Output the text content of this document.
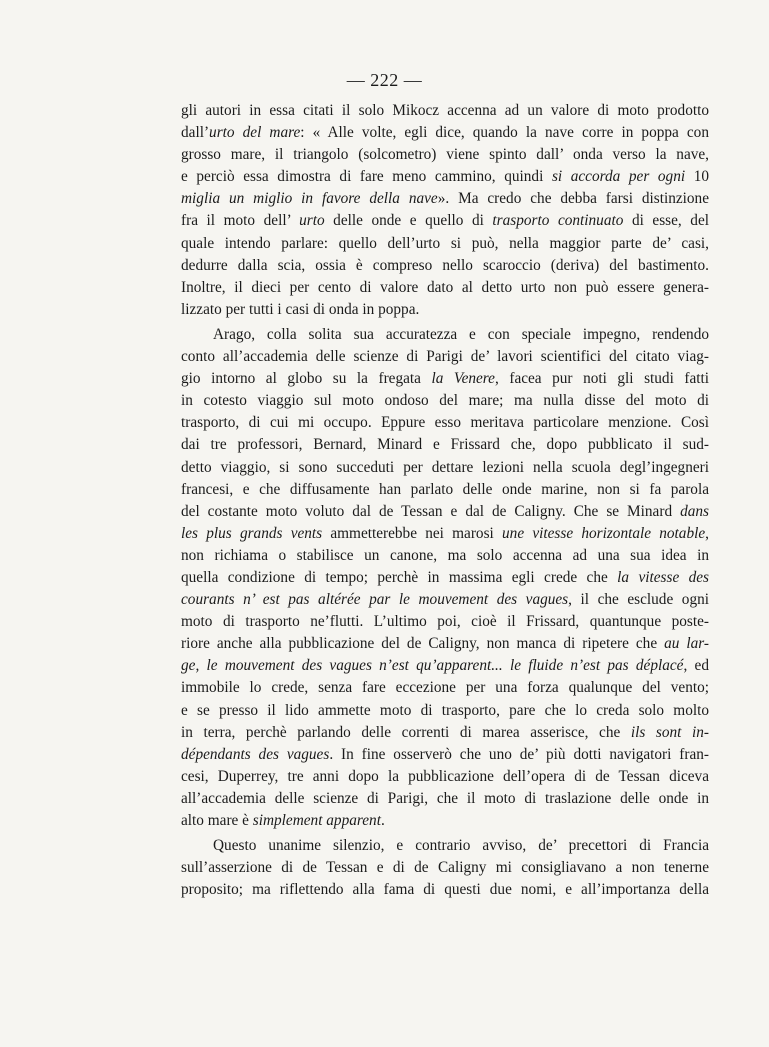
— 222 —
gli autori in essa citati il solo Mikocz accenna ad un valore di moto prodotto
dall’urto del mare: « Alle volte, egli dice, quando la nave corre in poppa con
grosso mare, il triangolo (solcometro) viene spinto dall’ onda verso la nave,
e perciò essa dimostra di fare meno cammino, quindi si accorda per ogni 10
miglia un miglio in favore della nave». Ma credo che debba farsi distinzione
fra il moto dell’ urto delle onde e quello di trasporto continuato di esse, del
quale intendo parlare: quello dell’urto si può, nella maggior parte de’ casi,
dedurre dalla scia, ossia è compreso nello scaroccio (deriva) del bastimento.
Inoltre, il dieci per cento di valore dato al detto urto non può essere genera-
lizzato per tutti i casi di onda in poppa.
Arago, colla solita sua accuratezza e con speciale impegno, rendendo
conto all’accademia delle scienze di Parigi de’ lavori scientifici del citato viag-
gio intorno al globo su la fregata la Venere, facea pur noti gli studi fatti
in cotesto viaggio sul moto ondoso del mare; ma nulla disse del moto di
trasporto, di cui mi occupo. Eppure esso meritava particolare menzione. Così
dai tre professori, Bernard, Minard e Frissard che, dopo pubblicato il sud-
detto viaggio, si sono succeduti per dettare lezioni nella scuola degl’ingegneri
francesi, e che diffusamente han parlato delle onde marine, non si fa parola
del costante moto voluto dal de Tessan e dal de Caligny. Che se Minard dans
les plus grands vents ammetterebbe nei marosi une vitesse horizontale notable,
non richiama o stabilisce un canone, ma solo accenna ad una sua idea in
quella condizione di tempo; perchè in massima egli crede che la vitesse des
courants n’ est pas altérée par le mouvement des vagues, il che esclude ogni
moto di trasporto ne’flutti. L’ultimo poi, cioè il Frissard, quantunque poste-
riore anche alla pubblicazione del de Caligny, non manca di ripetere che au lar-
ge, le mouvement des vagues n’est qu’apparent... le fluide n’est pas déplacé, ed
immobile lo crede, senza fare eccezione per una forza qualunque del vento;
e se presso il lido ammette moto di trasporto, pare che lo creda solo molto
in terra, perchè parlando delle correnti di marea asserisce, che ils sont in-
dépendants des vagues. In fine osserverò che uno de’ più dotti navigatori fran-
cesi, Duperrey, tre anni dopo la pubblicazione dell’opera di de Tessan diceva
all’accademia delle scienze di Parigi, che il moto di traslazione delle onde in
alto mare è simplement apparent.
Questo unanime silenzio, e contrario avviso, de’ precettori di Francia
sull’asserzione di de Tessan e di de Caligny mi consigliavano a non tenerne
proposito; ma riflettendo alla fama di questi due nomi, e all’importanza della
